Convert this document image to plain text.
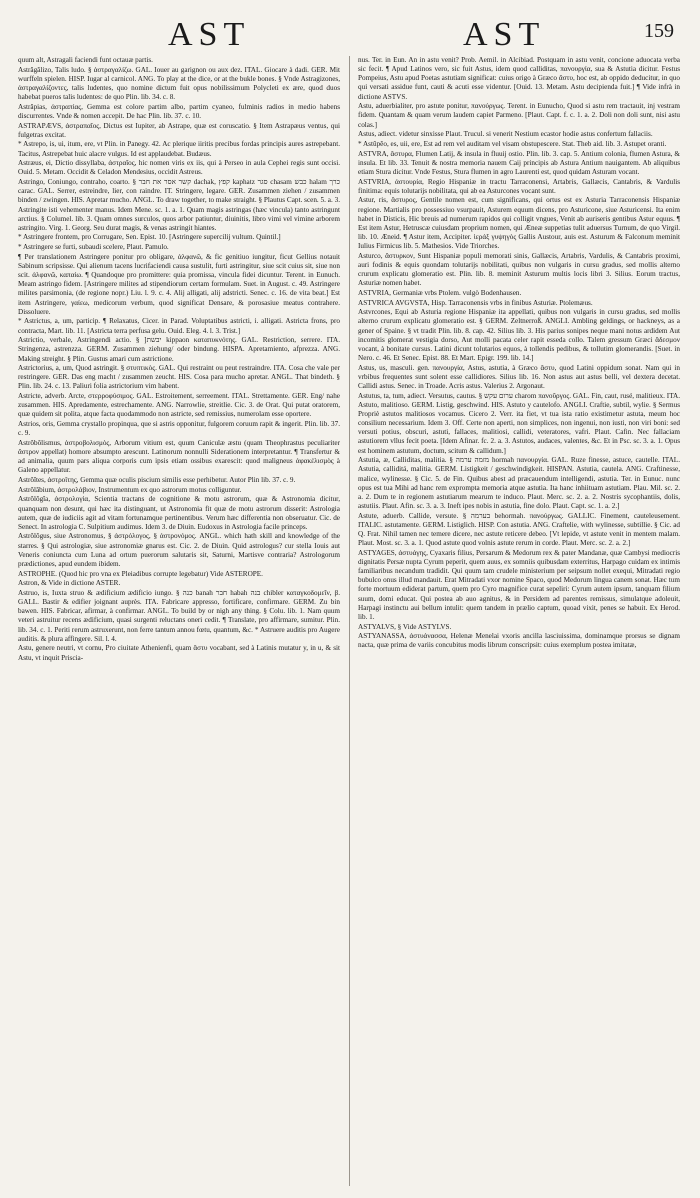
AST	AST	159

quum alt, Astragali faciendi funt octauæ partis.

Astrăgălizo, Talis ludo. § ἀστραγαλίζω. GAL. Iouer au garignon ou aux dez. ITAL. Giocare à dadi. GER. Mit wurffeln spielen. HISP. Iugar al carnicol. ANG. To play at the dice, or at the bukle bones. § Vnde Astragizones, ἀστραγαλίζοντες, talis ludentes, quo nomine dictum fuit opus nobilissimum Polycleti ex ære, quod duos habebat pueros talis ludentes: de quo Plin. lib. 34. c. 8.

Astrăpias, ἀστραπίας, Gemma est colore partim albo, partim cyaneo, fulminis radios in medio habens discurrentes. Vnde & nomen accepit. De hac Plin. lib. 37. c. 10.

ASTRAPÆVS, ἀστραπαῖος, Dictus est Iupiter, ab Astrape, quæ est coruscatio. § Item Astrapæus ventus, qui fulgetras excitat.

* Astrepo, is, ui, itum, ere, vt Plin. in Panegy. 42. Ac plerique iiritis precibus fordas principis aures astrepebant. Tacitus, Astrepebat huic alacre vulgus. Id est applaudebat. Budæus.

Astræus, ei, Dictio dissyllaba, ἀστραῖος, hic nomen viris ex iis, qui à Perseo in aula Cephei regis sunt occisi. Ouid. 5. Metam. Occidit & Celadon Mendesius, occidit Astreus.

Astringo, Coniungo, contraho, coarto. § קשר אסר את חבר dachak, קפץ kaphatz סגר chasam כבש halam כרך carac. GAL. Serrer, estreindre, lier, con raindre. IT. Stringere, legare. GER. Zusammen ziehen / zusammen binden / zwingen. HIS. Apretar mucho. ANGL. To draw together, to make straight. § Plautus Capt. scen. 5. a. 3. Astringite isti vehementer manus. Idem Mene. sc. 1. a. 1. Quam magis astringas (hæc vincula) tanto astringunt arctius. § Columel. lib. 3. Quam omnes surculos, quos arbor patiuntur, diuinitis, libro vimi vel vimine arborem astringito. Virg. 1. Georg. Seu durat magis, & venas astringit hiantes.

* Astringere frontem, pro Corrugare, Sen. Epist. 10. [Astringere supercilij vultum. Quintil.]

* Astringere se furti, subaudi scelere, Plaut. Pamulo.

¶ Per translationem Astringere ponitur pro obligare, ἀλφανῶ, & fic genitiuo iungitur, ficut Gellius notauit Sabinum scripsisse. Qui alienum tacens lucrifaciendi causa sustulit, furti astringitur, siue scit cuius sit, siue non scit. ἀλφανῶ, καπαίω. ¶ Quandoque pro promittere: quia promissa, vincula fidei dicuntur. Terent. in Eunuch. Meam astringo fidem. [Astringere milites ad stipendiorum certam formulam. Suet. in August. c. 49. Astringere milites parsimonia, (de regione nopr.) Liu. l. 9. c. 4. Alij alligati, alij adstricti. Senec. c. 16. de vita beat.] Est item Astringere, γαίεω, medicorum verbum, quod significat Densare, & porosasiue meatus contrahere. Dissoluere.

* Astrictus, a, um, particip. ¶ Relaxatus, Cicer. in Parad. Voluptatibus astricti, i. alligati. Astricta frons, pro contracta, Mart. lib. 11. [Astricta terra perfusa gelu. Ouid. Eleg. 4. l. 3. Trist.]

Astrictio, verbale, Astringendi actio. § ]יבשת kippaon καταπυκνότης. GAL. Restriction, serrere. ITA. Stringenza, astrenzza. GERM. Zusammen ziehung/ oder bindung. HISPA. Apretamiento, afprezza. ANG. Making streight. § Plin. Gustus amari cum astrictione.

Astrictorius, a, um, Quod astringit. § στυπτικὸς. GAL. Qui restraint ou peut restraindre. ITA. Cosa che vale per restringere. GER. Das eng macht / zusammen zeucht. HIS. Cosa para mucho apretar. ANGL. That bindeth. § Plin. lib. 24. c. 13. Paliuri folia astrictorium vim habent.

Astricte, adverb. Arcte, στερροφύσιμος. GAL. Estroitement, serreement. ITAL. Strettamente. GER. Eng/ nahe zusammen. HIS. Apredamente, estrechamente. ANG. Narrowlie, streitlie. Cic. 3. de Orat. Qui putat oratorem, quæ quidem sit polita, atque facta quodammodo non astricte, sed remissius, numerolam esse oportere.

Astrios, oris, Gemma crystallo propinqua, que si astris opponitur, fulgorem coruum rapit & ingerit. Plin. lib. 37. c. 9.

Astrŏbŏlismus, ἀστροβολισμὸς, Arborum vitium est, quum Caniculæ æstu (quam Theophrastus peculiariter ἄστρον appellat) homore absumpto arescunt. Latinorum nonnulli Siderationem interpretantur. ¶ Transfertur & ad animalia, quum pars aliqua corporis cum ipsis etiam ossibus exarescit: quod maligneus ἀφακέλισμὸς à Galeno appellatur.

Astrŏĭtes, ἀστροΐτης, Gemma quæ oculis piscium similis esse perhibetur. Autor Plin lib. 37. c. 9.

Astrŏlăbium, ἀστρολάβιον, Instrumentum ex quo astrorum motus colliguntur.

Astrŏlŏgĭa, ἀστρολογία, Scientia tractans de cognitione & motu astrorum, quæ & Astronomia dicitur, quanquam non desunt, qui hæc ita distinguant, ut Astronomia fit quæ de motu astrorum disserit: Astrologia autem, quæ de iudiciis agit ad vitam fortunamque pertinentibus. Verum hæc differentia non obseruatur. Cic. de Senect. In astrologia C. Sulpitium audimus. Idem 3. de Diuin. Eudoxus in Astrologia facile princeps.

Astrŏlŏgus, siue Astronomus, § ἀστρόλογος, § ἀστρονόμος. ANGL. which hath skill and knowledge of the starres. § Qui astrologiæ, siue astronomiæ gnarus est. Cic. 2. de Diuin. Quid astrologus? cur stella Iouis aut Veneris coniuncta cum Luna ad ortum puerorum salutaris sit, Saturni, Martisve contraria? Astrologorum prædictiones, apud eundem ibidem.

ASTROPHE. (Quod hic pro vna ex Pleiadibus corrupte legebatur) Vide ASTEROPE.

Astron, & Vide in dictione ASTER.

Astruo, is, Iuxta struo & ædificium ædificio iungo. § כנה banah חבר habah בנה chibler καταγκοδομεῖν, β. GALL. Bastir & edifier joignant auprès. ITA. Fabricare appresso, fortificare, confirmare. GERM. Zu bin bawen. HIS. Fabricar, afirmar, à confirmar. ANGL. To build by or nigh any thing. § Colu. lib. 1. Nam quum veteri astruitur recens ædificium, quasi surgenti reluctans oneri cedit. ¶ Translate, pro affirmare, sumitur. Plin. lib. 34. c. 1. Periti rerum astruxerunt, non ferre tantum annou fœtu, quantum, &c. * Astruere auditis pro Augere auditis. & plura affingere. Sil. l. 4.

Astu, genere neutri, vt cornu, Pro ciuitate Athenienfi, quam ἄστυ vocabant, sed à Latinis mutatur y, in u, & sit Astu, vt inquit Priscia-

nus. Ter. in Eun. An in astu venit? Prob. Aemil. in Alcibiad. Postquam in astu venit, concione aduocata verba sic fecit. ¶ Apud Latinos vero, sic fuit Astus, idem quod calliditas, πανουργία, sua & Astutia dicitur. Festus Pompeius, Astu apud Poetas astutiam significat: cuius origo à Græco ἄστυ, hoc est, ab oppido deducitur, in quo qui versati assidue funt, cauti & acuti esse videntur. [Ouid. 13. Metam. Astu decipienda fuit.] ¶ Vide infrà in dictione ASTVS.

Astu, aduerbialiter, pro astute ponitur, πανούργως. Terent. in Eunucho, Quod si astu rem tractauit, inj vestram fidem. Quantam & quam verum laudem capiet Parmeno. [Plaut. Capt. f. c. 1. a. 2. Doli non doli sunt, nisi astu colas.]

Astus, adiect. videtur sinxisse Plaut. Trucul. si venerit Nestium ecastor hodie astus confertum fallaciis.

* Astŭpĕo, es, uii, ere, Est ad rem vel auditam vel visam obstupescere. Stat. Theb aid. lib. 3. Astupet oranti.

ASTVRA, ἄστυρα, Flumen Latij, & insula in fluuij ostio. Plin. lib. 3. cap. 5. Antium colonia, flumen Astura, & insula. Et lib. 33. Tenuit & nostra memoria nauem Caij principis ab Astura Antium nauigantem. Ab aliquibus etiam Stura dicitur. Vnde Festus, Stura flumen in agro Laurenti est, quod quidam Asturam vocant.

ASTVRIA, ἀστουρία, Regio Hispaniæ in tractu Tarraconensi, Artabris, Gallæcis, Cantabris, & Vardulis finitima: equis tolutarijs nobilitata, qui ab ea Asturcones vocant sunt.

Astur, ris, ἄστυρος, Gentile nomen est, cum significans, qui ortus est ex Asturia Tarraconensis Hispaniæ regione. Martialis pro possessiuo vsurpauit, Asturem equum dicens, pro Asturicone, siue Asturicensi. Ita enim habet in Disticis, Hic breuis ad numerum rapidos qui colligit vngues, Venit ab auriseris gentibus Astur equus. ¶ Est item Astur, Hetruscæ cuiusdam proprium nomen, qui Æneæ suppetias tulit aduersus Turnum, de quo Virgil. lib. 10. Æneid. ¶ Astur item, Accipiter. ἱεράξ γυψηγὸς Gallis Austour, auis est. Asturum & Falconum meminit Iulius Firmicus lib. 5. Mathesios. Vide Triorches.

Asturco, ἄστυρκον, Sunt Hispaniæ populi memorati sinis, Gallæcis, Artabris, Vardulis, & Cantabris proximi, auri fodinis & equis quondam tolutarijs nobilitati, quibus non vulgaris in cursu gradus, sed mollis alterno crurum explicatu glomeratio est. Plin. lib. 8. meminit Asturum multis locis libri 3. Silius. Eorum tractus, Asturiæ nomen habet.

ASTVRIA, Germaniæ vrbs Ptolem. vulgò Bodenhausen.

ASTVRICA AVGVSTA, Hisp. Tarraconensis vrbs in finibus Asturiæ. Ptolemæus.

Astvrcones, Equi ab Asturia regione Hispaniæ ita appellati, quibus non vulgaris in cursu gradus, sed mollis alterno crurum explicatu glomeratio est. § GERM. Zeltnerroß. ANGLI. Ambling geldings, or hackneys, as a gener of Spaine. § vt tradit Plin. lib. 8. cap. 42. Silius lib. 3. His parius sonipes neque mani notus ardidem Aut incomitis glomerat vestigia dorso, Aut molli pacata celer rapit esseda collo. Talem gressum Græci ἄδεσμον vocant, à bonitate cursus. Latini dicunt tolutarios equos, à tollendis pedibus, & tollutim glomerandis. [Suet. in Nero. c. 46. Et Senec. Epist. 88. Et Mart. Epigr. 199. lib. 14.]

Astus, us, masculi. gen. πανουργία, Astus, astutia, à Græco ἄστυ, quod Latini oppidum sonat. Nam qui in vrbibus frequentes sunt solent esse callidiores. Silius lib. 16. Non astus aut astus belli, vel dextera decetat. Callidi astus. Senec. in Troade. Acris astus. Valerius 2. Argonaut.

Astutus, ta, tum, adiect. Versutus, cautus. § ערום עקש charom πανοῦργος. GAL. Fin, caut, rusé, malitieux. ITA. Astuto, malitioso. GERM. Listig, geschwind. HIS. Astuto y cautelofo. ANGLI. Craftie, subtil, wylie. § Sermus Propriè astutos malitiosos vocamus. Cicero 2. Verr. ita fiet, vt tua ista ratio existimetur astuta, meum hoc consilium necessarium. Idem 3. Off. Certe non aperti, non simplices, non ingenui, non iusti, non viri boni: sed versuti potius, obscuri, astuti, fallaces, malitiosi, callidi, veteratores, vafri. Plaut. Cafin. Nec fallaciam astutiorem vllus fecit poeta. [Idem Afinar. fc. 2. a. 3. Astutos, audaces, valentes, &c. Et in Psc. sc. 3. a. 1. Opus est hominem astutum, doctum, scitum & callidum.]

Astutia, æ, Calliditas, malitia. § מזמה ערמה hormah πανουργία. GAL. Ruze finesse, astuce, cautelle. ITAL. Astutia, calliditá, malitia. GERM. Listigkeit / geschwindigkeit. HISPAN. Astutia, cautela. ANG. Craftinesse, malice, wylinesse. § Cic. 5. de Fin. Quibus abest ad præcauendum intelligendi, astutia. Ter. in Eunuc. nunc opus est tua Mihi ad hanc rem exprompta memoria atque astutia. Ita hanc inhiituam astutiam. Plau. Mil. sc. 2. a. 2. Dum te in regionem astutiarum mearum te induco. Plaut. Merc. sc. 2. a. 2. Nostris sycophantiis, dolis, astutiis. Plaut. Afin. sc. 3. a. 3. Ineft ipes nobis in astutia, fine dolo. Plaut. Capt. sc. 1. a. 2.]

Astute, aduerb. Callide, versute. § בערמה behormah. πανούργως. GALLIC. Finement, cauteleusement. ITALIC. astutamente. GERM. Listiglich. HISP. Con astutia. ANG. Craftelie, with wylinesse, subtillie. § Cic. ad Q. Frat. Nihil tamen nec temere dicere, nec astute reticere debeo. [Vt lepide, vt astute venit in mentem malam. Plaut. Most. sc. 3. a. 1. Quod astute quod volnis astute rerum in corde. Plaut. Merc. sc. 2. a. 2.]

ASTYAGES, ἀστυάγης, Cyaxaris filius, Persarum & Medorum rex & pater Mandanæ, quæ Cambysi mediocris dignitatis Persæ nupta Cyrum peperit, quem auus, ex somniis quibusdam exterritus, Harpago cuidam ex intimis familiaribus necandum tradidit. Qui quum tam crudele ministerium per seipsum nollet exequi, Mitradati regio bubulco onus illud mandauit. Erat Mitradati vxor nomine Spaco, quod Medorum lingua canem sonat. Hæc tum forte mortuum ediderat partum, quem pro Cyro magnifice curat sepeliri: Cyrum autem ipsum, tanquam filium suum, domi educat. Qui postea ab auo agnitus, & in Persidem ad parentes remissus, simulatque adoleuit, Harpagi instinctu aui bellum intulit: quem tandem in prælio captum, quoad vixit, penes se habuit. Ex Herod. lib. 1.

ASTYALVS, § Vide ASTYLVS.

ASTYANASSA, ἀστυάνασσα, Helenæ Menelai vxoris ancilla lasciuissima, dominamque prorsus se dignam nacta, quæ prima de variis concubitus modis librum conscripsit: cuius exemplum postea imitatæ,
